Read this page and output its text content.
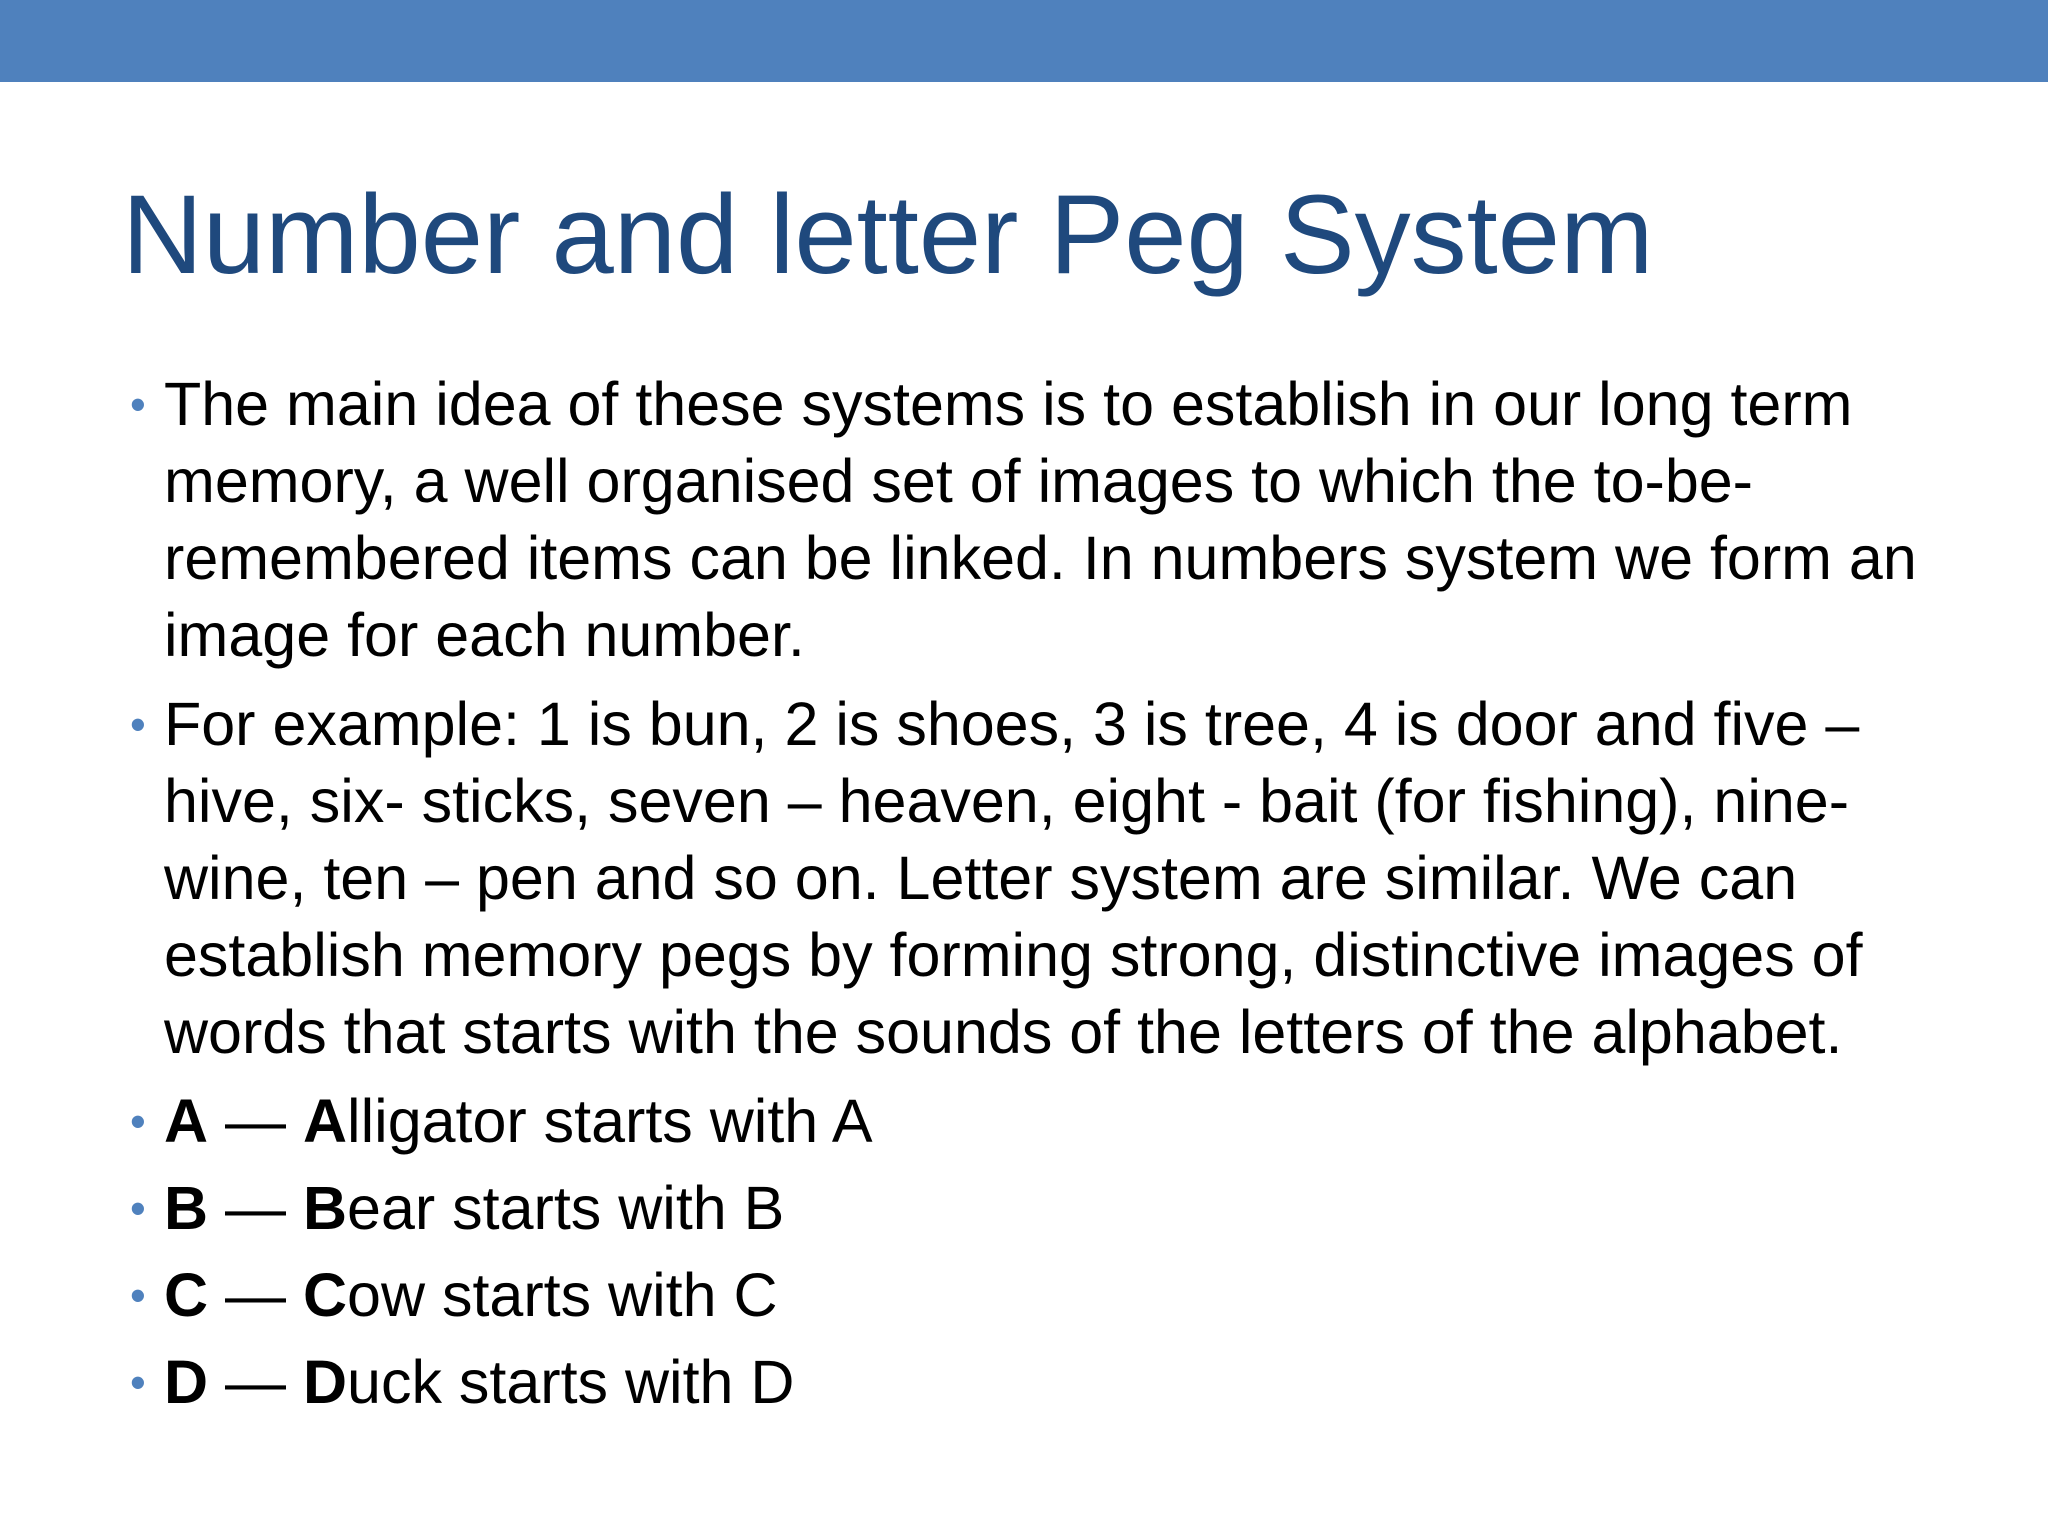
Number and letter Peg System
• The main idea of these systems is to establish in our long term memory, a well organised set of images to which the to-be-remembered items can be linked. In numbers system we form an image for each number.
• For example: 1 is bun, 2 is shoes, 3 is tree, 4 is door and five – hive, six- sticks, seven – heaven, eight - bait (for fishing), nine-wine, ten – pen and so on. Letter system are similar. We can establish memory pegs by forming strong, distinctive images of words that starts with the sounds of the letters of the alphabet.
• A — Alligator starts with A
• B — Bear starts with B
• C — Cow starts with C
• D — Duck starts with D
